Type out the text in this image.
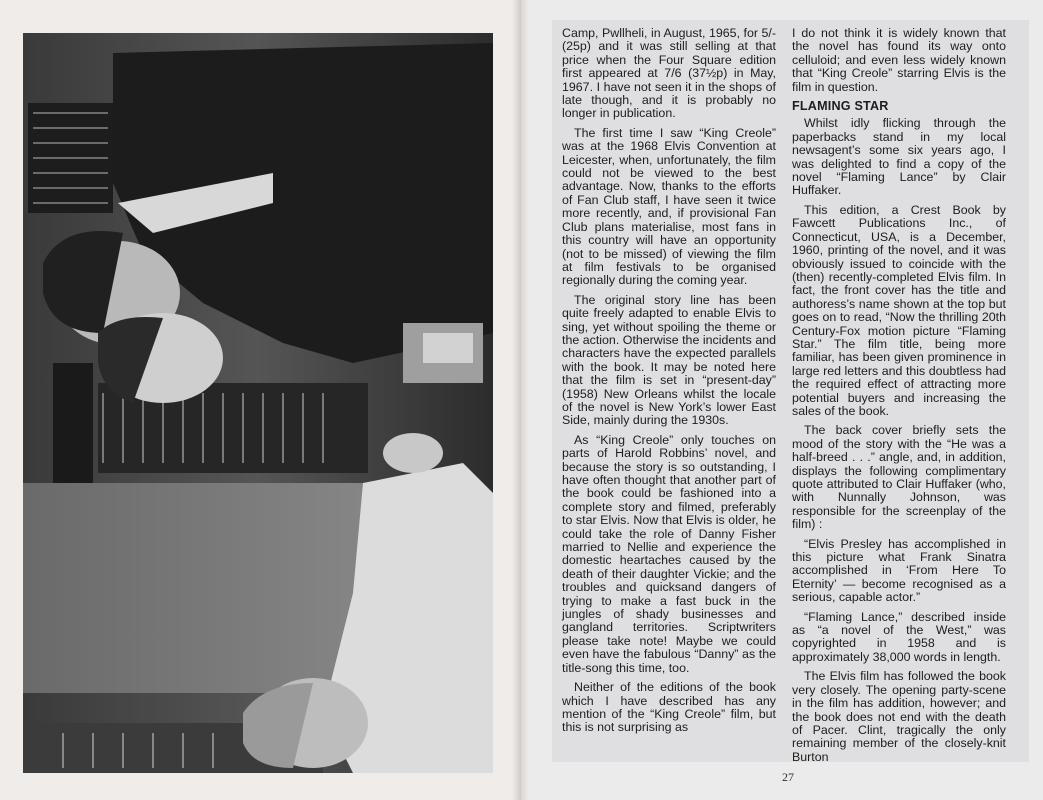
Camp, Pwllheli, in August, 1965, for 5/- (25p) and it was still selling at that price when the Four Square edition first appeared at 7/6 (37½p) in May, 1967. I have not seen it in the shops of late though, and it is probably no longer in publication.

The first time I saw “King Creole” was at the 1968 Elvis Convention at Leicester, when, unfortunately, the film could not be viewed to the best advantage. Now, thanks to the efforts of Fan Club staff, I have seen it twice more recently, and, if provisional Fan Club plans materialise, most fans in this country will have an opportunity (not to be missed) of viewing the film at film festivals to be organised regionally during the coming year.

The original story line has been quite freely adapted to enable Elvis to sing, yet without spoiling the theme or the action. Otherwise the incidents and characters have the expected parallels with the book. It may be noted here that the film is set in “present-day” (1958) New Orleans whilst the locale of the novel is New York’s lower East Side, mainly during the 1930s.

As “King Creole” only touches on parts of Harold Robbins’ novel, and because the story is so outstanding, I have often thought that another part of the book could be fashioned into a complete story and filmed, preferably to star Elvis. Now that Elvis is older, he could take the role of Danny Fisher married to Nellie and experience the domestic heartaches caused by the death of their daughter Vickie; and the troubles and quicksand dangers of trying to make a fast buck in the jungles of shady businesses and gangland territories. Scriptwriters please take note! Maybe we could even have the fabulous “Danny” as the title-song this time, too.

Neither of the editions of the book which I have described has any mention of the “King Creole” film, but this is not surprising as

I do not think it is widely known that the novel has found its way onto celluloid; and even less widely known that “King Creole” starring Elvis is the film in question.

FLAMING STAR

Whilst idly flicking through the paperbacks stand in my local newsagent’s some six years ago, I was delighted to find a copy of the novel “Flaming Lance” by Clair Huffaker.

This edition, a Crest Book by Fawcett Publications Inc., of Connecticut, USA, is a December, 1960, printing of the novel, and it was obviously issued to coincide with the (then) recently-completed Elvis film. In fact, the front cover has the title and authoress’s name shown at the top but goes on to read, “Now the thrilling 20th Century-Fox motion picture “Flaming Star.” The film title, being more familiar, has been given prominence in large red letters and this doubtless had the required effect of attracting more potential buyers and increasing the sales of the book.

The back cover briefly sets the mood of the story with the “He was a half-breed . . .” angle, and, in addition, displays the following complimentary quote attributed to Clair Huffaker (who, with Nunnally Johnson, was responsible for the screenplay of the film) :

“Elvis Presley has accomplished in this picture what Frank Sinatra accomplished in ‘From Here To Eternity’ — become recognised as a serious, capable actor.”

“Flaming Lance,” described inside as “a novel of the West,” was copyrighted in 1958 and is approximately 38,000 words in length.

The Elvis film has followed the book very closely. The opening party-scene in the film has addition, however; and the book does not end with the death of Pacer. Clint, tragically the only remaining member of the closely-knit Burton

27
